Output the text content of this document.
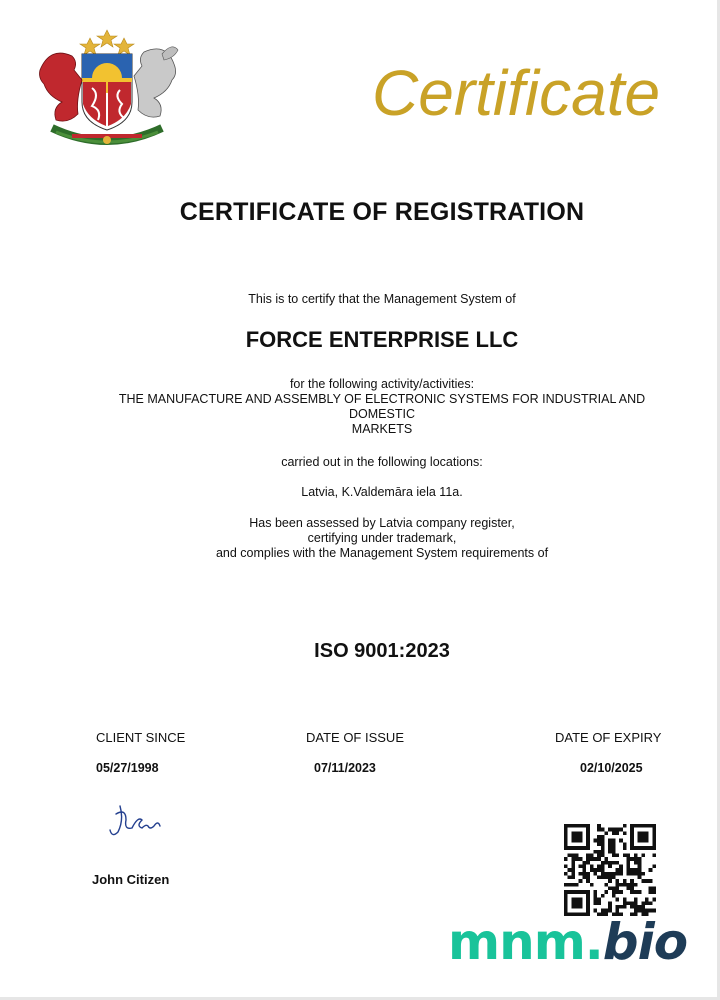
Certificate
CERTIFICATE OF REGISTRATION
This is to certify that the Management System of
FORCE ENTERPRISE LLC
for the following activity/activities:
THE MANUFACTURE AND ASSEMBLY OF ELECTRONIC SYSTEMS FOR INDUSTRIAL AND
DOMESTIC
MARKETS
carried out in the following locations:
Latvia, K.Valdemāra iela 11a.
Has been assessed by Latvia company register,
certifying under trademark,
and complies with the Management System requirements of
ISO 9001:2023
CLIENT SINCE	DATE OF ISSUE	DATE OF EXPIRY
05/27/1998	07/11/2023	02/10/2025
John Citizen
mnm.bio
